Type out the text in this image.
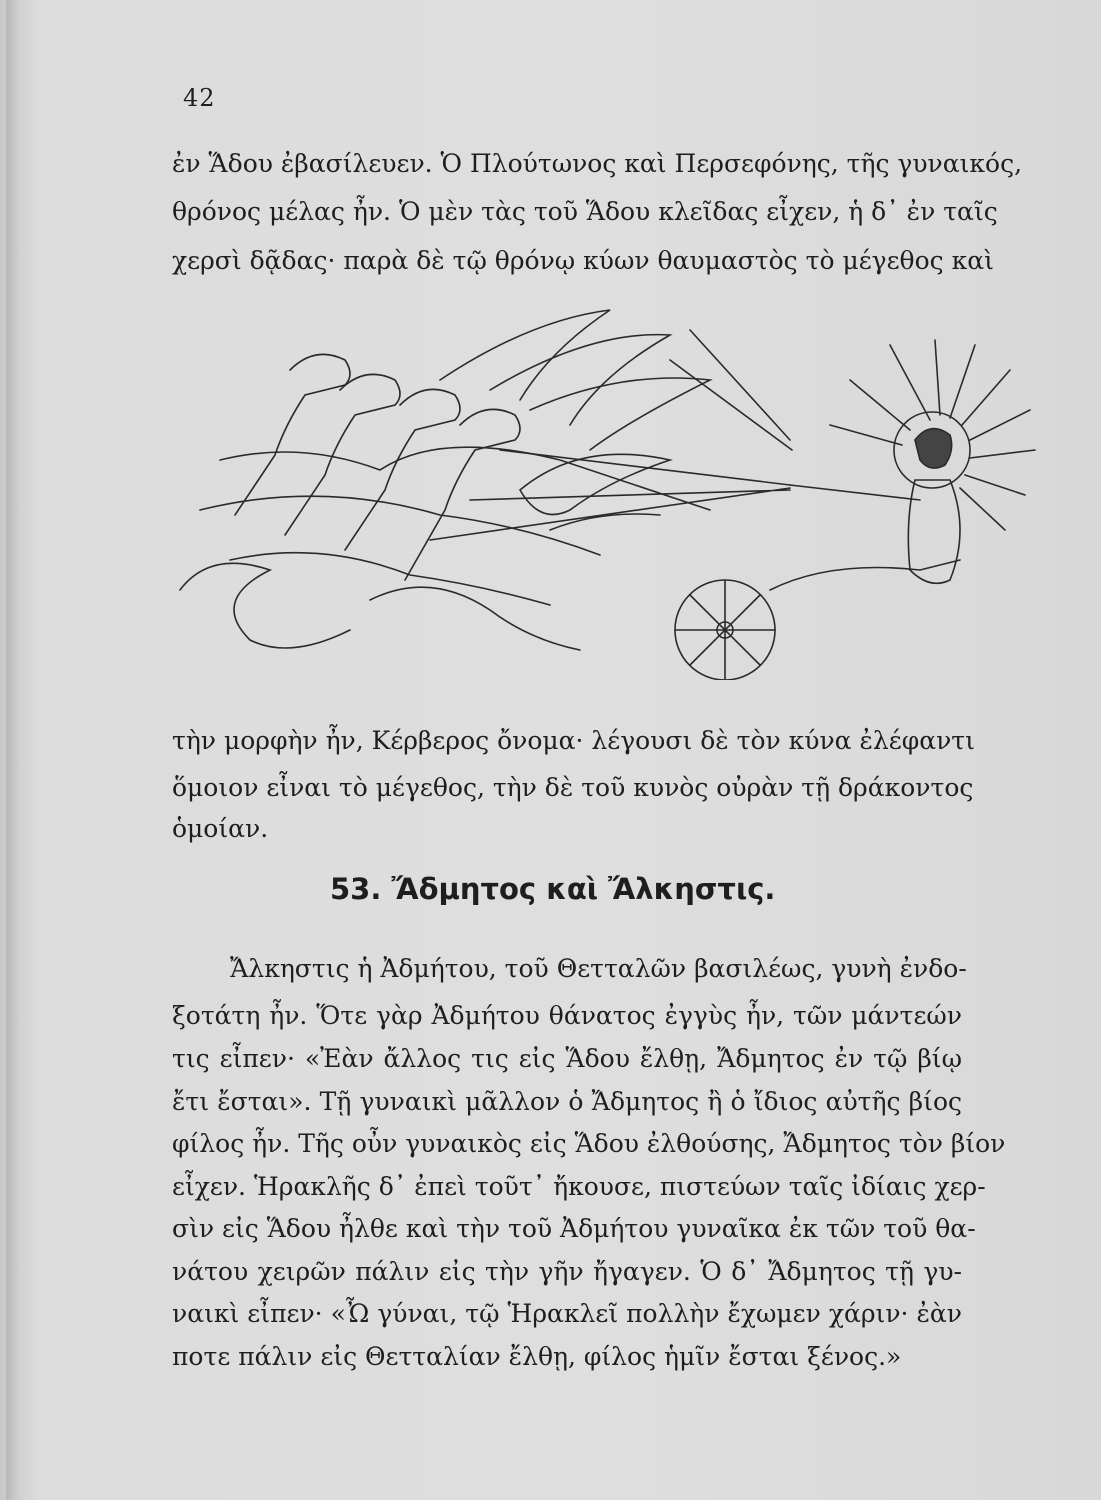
42
ἐν Ἅδου ἐβασίλευεν. Ὁ Πλούτωνος καὶ Περσεφόνης, τῆς γυναικός,
θρόνος μέλας ἦν. Ὁ μὲν τὰς τοῦ Ἅδου κλεῖδας εἶχεν, ἡ δ᾽ ἐν ταῖς
χερσὶ δᾷδας· παρὰ δὲ τῷ θρόνῳ κύων θαυμαστὸς τὸ μέγεθος καὶ
τὴν μορφὴν ἦν, Κέρβερος ὄνομα· λέγουσι δὲ τὸν κύνα ἐλέφαντι
ὅμοιον εἶναι τὸ μέγεθος, τὴν δὲ τοῦ κυνὸς οὐρὰν τῇ δράκοντος
ὁμοίαν.
53. Ἄδμητος καὶ Ἄλκηστις.
Ἄλκηστις ἡ Ἀδμήτου, τοῦ Θετταλῶν βασιλέως, γυνὴ ἐνδο-
ξοτάτη ἦν. Ὅτε γὰρ Ἀδμήτου θάνατος ἐγγὺς ἦν, τῶν μάντεών
τις εἶπεν· «Ἐὰν ἄλλος τις εἰς Ἅδου ἔλθῃ, Ἄδμητος ἐν τῷ βίῳ
ἔτι ἔσται». Τῇ γυναικὶ μᾶλλον ὁ Ἄδμητος ἢ ὁ ἴδιος αὐτῆς βίος
φίλος ἦν. Τῆς οὖν γυναικὸς εἰς Ἅδου ἐλθούσης, Ἄδμητος τὸν βίον
εἶχεν. Ἡρακλῆς δ᾽ ἐπεὶ τοῦτ᾽ ἤκουσε, πιστεύων ταῖς ἰδίαις χερ-
σὶν εἰς Ἅδου ἦλθε καὶ τὴν τοῦ Ἀδμήτου γυναῖκα ἐκ τῶν τοῦ θα-
νάτου χειρῶν πάλιν εἰς τὴν γῆν ἤγαγεν. Ὁ δ᾽ Ἄδμητος τῇ γυ-
ναικὶ εἶπεν· «Ὦ γύναι, τῷ Ἡρακλεῖ πολλὴν ἔχωμεν χάριν· ἐὰν
ποτε πάλιν εἰς Θετταλίαν ἔλθῃ, φίλος ἡμῖν ἔσται ξένος.»
